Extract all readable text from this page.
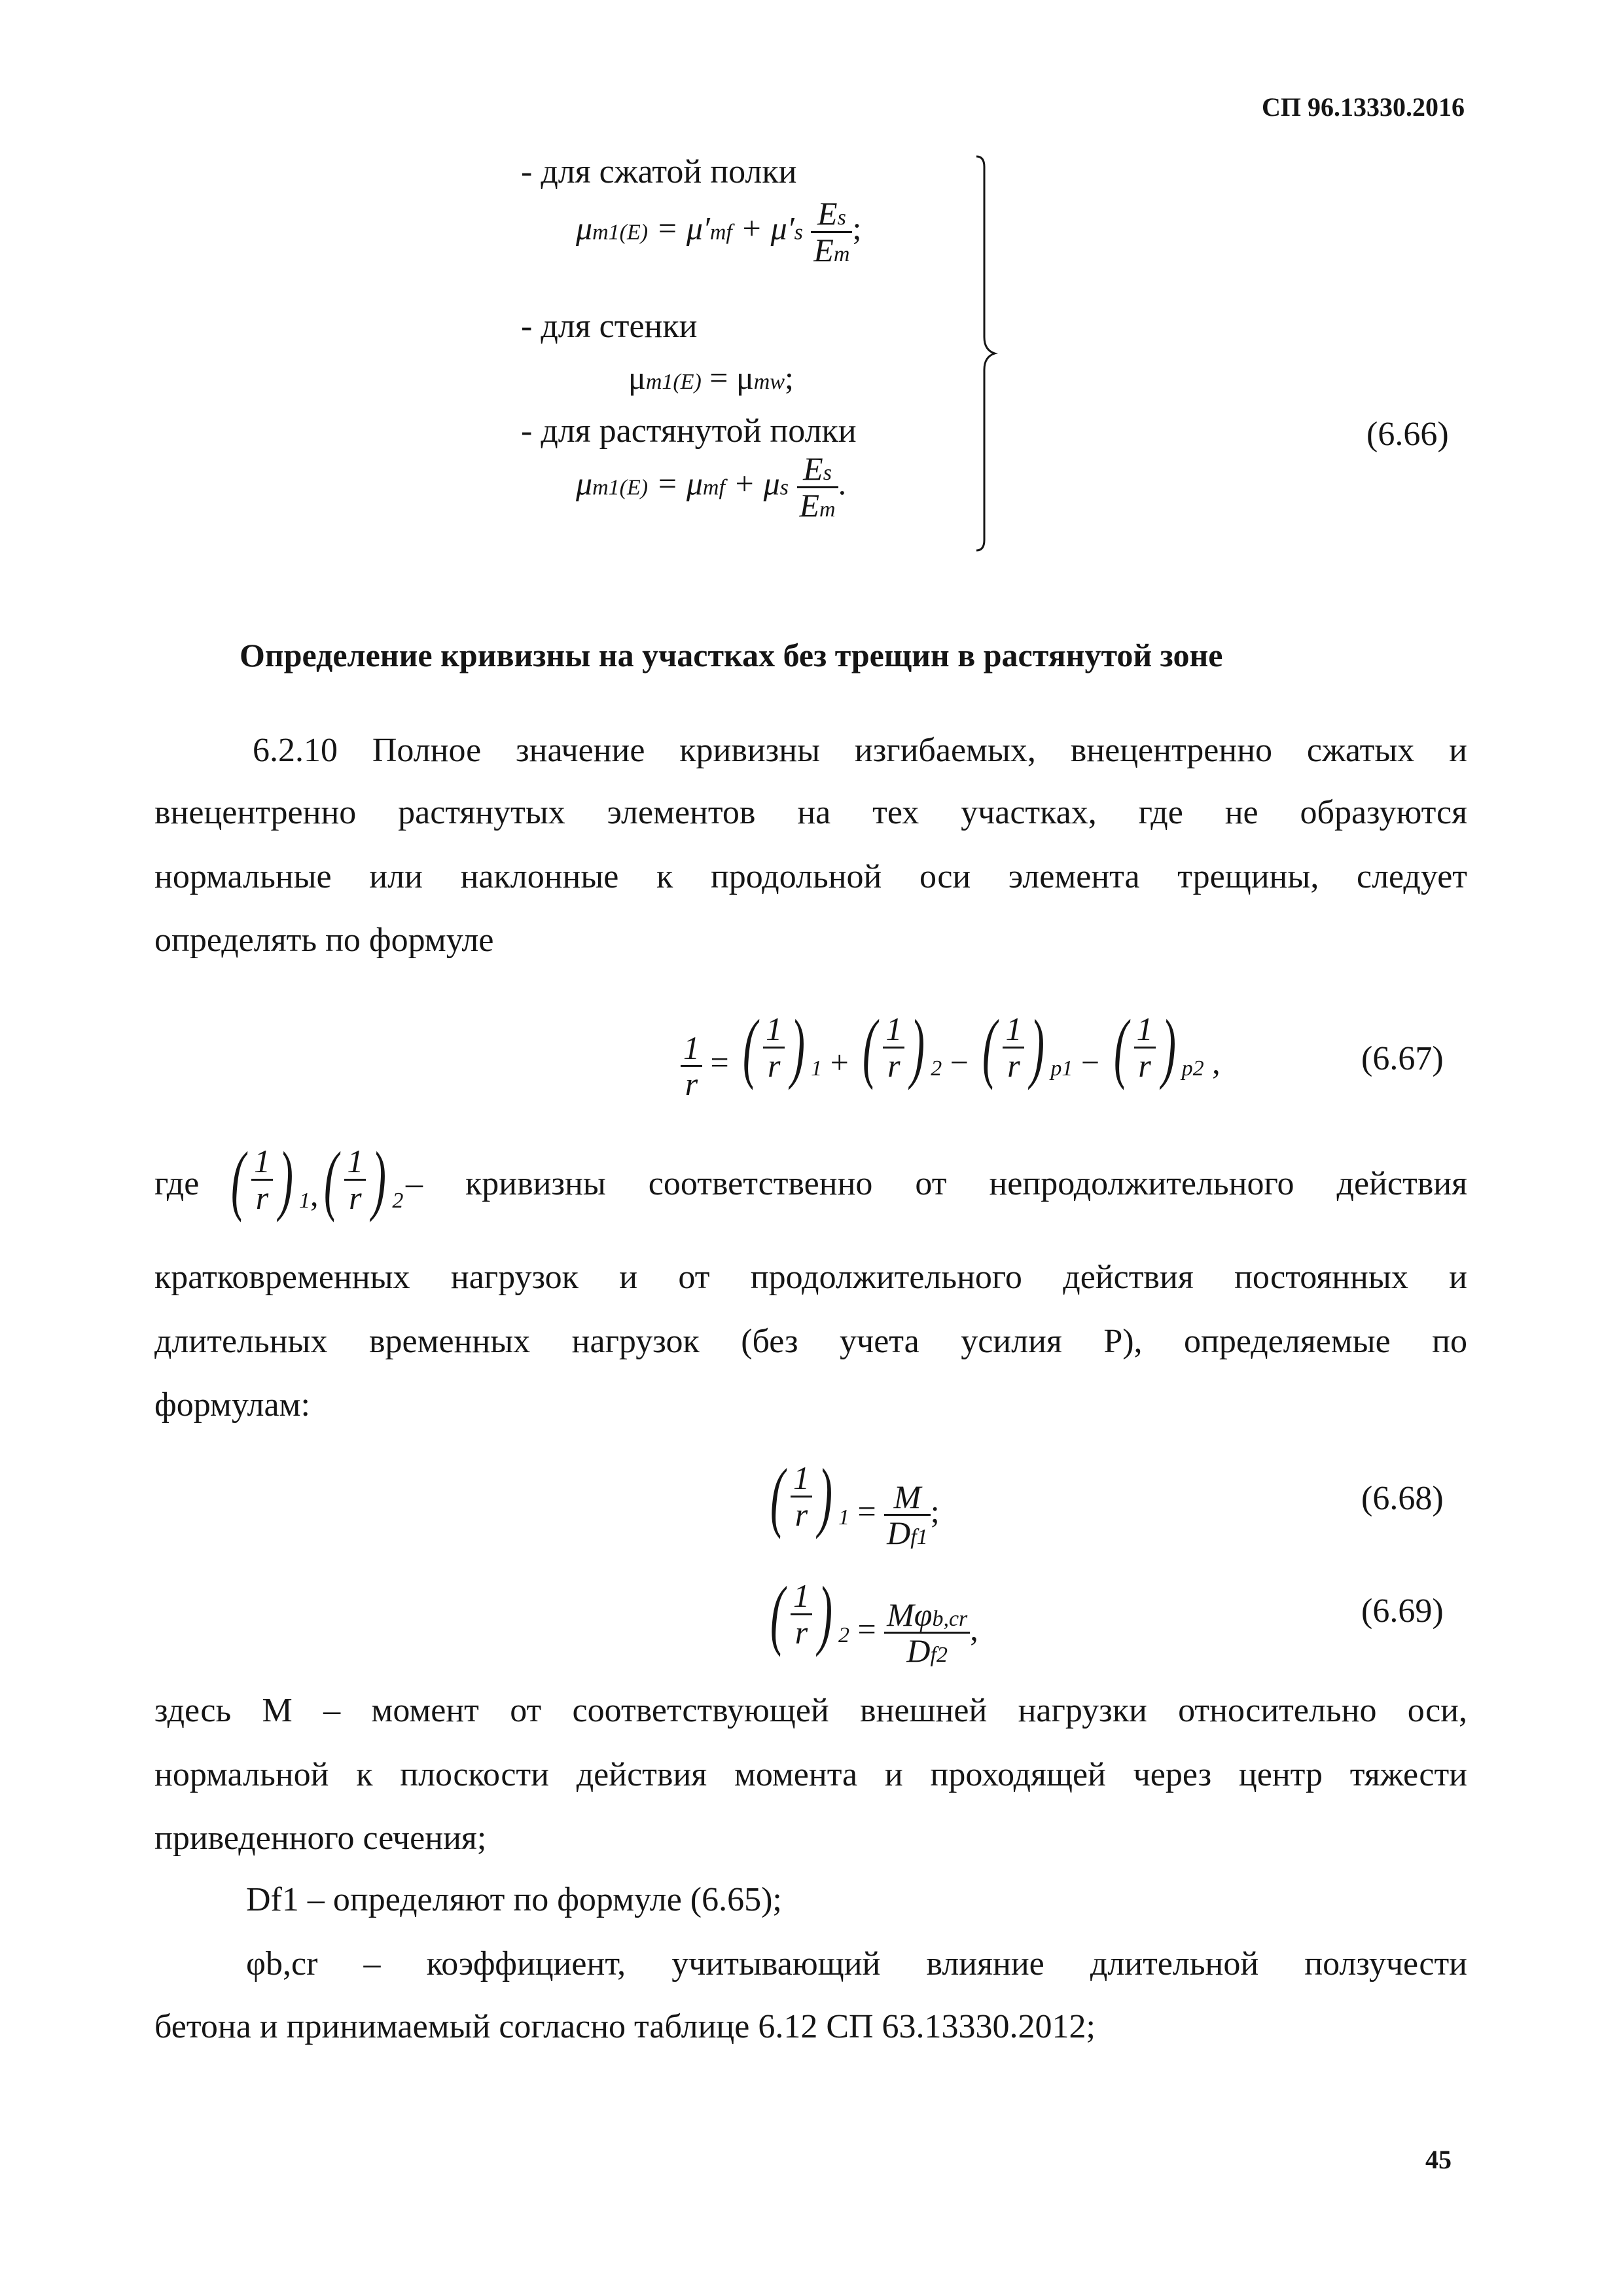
СП 96.13330.2016
- для сжатой полки
$\mu m1(E) = \mu'mf + \mu's \frac{Es}{Em}$ ;
- для стенки
μm1(E) = μmw;
- для растянутой полки
μm1(E) = μmf + μs $\frac{Es}{Em}$ .
(6.66)
Определение кривизны на участках без трещин в растянутой зоне
6.2.10 Полное значение кривизны изгибаемых, внецентренно сжатых и
внецентренно растянутых элементов на тех участках, где не образуются
нормальные или наклонные к продольной оси элемента трещины, следует
определять по формуле
$\frac{1}{r}$ = ( $\frac{1}{r}$ ) 1 + ( $\frac{1}{r}$ ) 2 − ( $\frac{1}{r}$ ) p1 − ( $\frac{1}{r}$ ) p2 ,	(6.67)
где ( $\frac{1}{r}$ ) 1 , ( $\frac{1}{r}$ ) 2 – кривизны соответственно от непродолжительного действия
кратковременных нагрузок и от продолжительного действия постоянных и
длительных временных нагрузок (без учета усилия P), определяемые по
формулам:
( $\frac{1}{r}$ ) $1 = \frac{M}{Df1}$ ;	(6.68)
( $\frac{1}{r}$ ) $2 = \frac{\text{Mφb,cr}}{Df2}$ ,	(6.69)
здесь M – момент от соответствующей внешней нагрузки относительно оси,
нормальной к плоскости действия момента и проходящей через центр тяжести
приведенного сечения;
Df1 – определяют по формуле (6.65);
φb,cr – коэффициент, учитывающий влияние длительной ползучести
бетона и принимаемый согласно таблице 6.12 СП 63.13330.2012;
45
